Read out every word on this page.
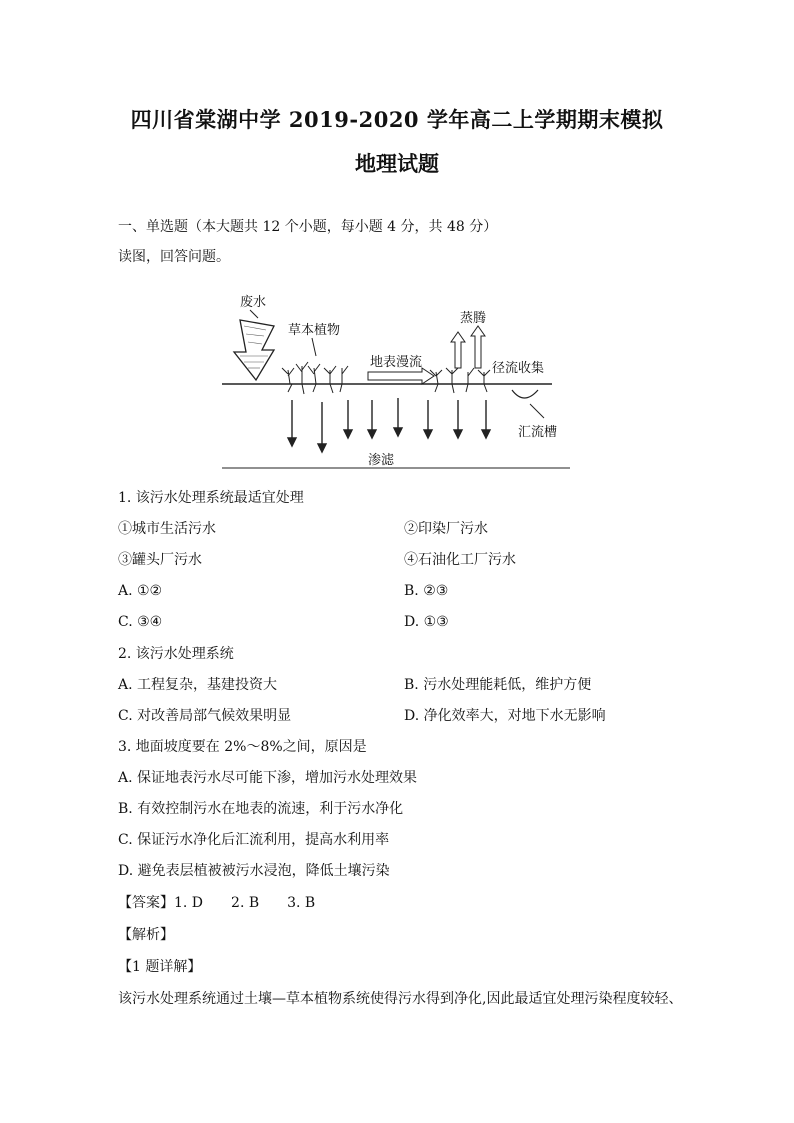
四川省棠湖中学 2019-2020 学年高二上学期期末模拟
地理试题
一、单选题（本大题共 12 个小题，每小题 4 分，共 48 分）
读图，回答问题。
废水
草本植物
地表漫流
蒸腾
径流收集
汇流槽
渗滤
1. 该污水处理系统最适宜处理
①城市生活污水	②印染厂污水
③罐头厂污水	④石油化工厂污水
A. ①②	B. ②③
C. ③④	D. ①③
2. 该污水处理系统
A. 工程复杂，基建投资大	B. 污水处理能耗低，维护方便
C. 对改善局部气候效果明显	D. 净化效率大，对地下水无影响
3. 地面坡度要在 2%～8%之间，原因是
A. 保证地表污水尽可能下渗，增加污水处理效果
B. 有效控制污水在地表的流速，利于污水净化
C. 保证污水净化后汇流利用，提高水利用率
D. 避免表层植被被污水浸泡，降低土壤污染
【答案】1. D　　2. B　　3. B
【解析】
【1 题详解】
该污水处理系统通过土壤—草本植物系统使得污水得到净化,因此最适宜处理污染程度较轻、
